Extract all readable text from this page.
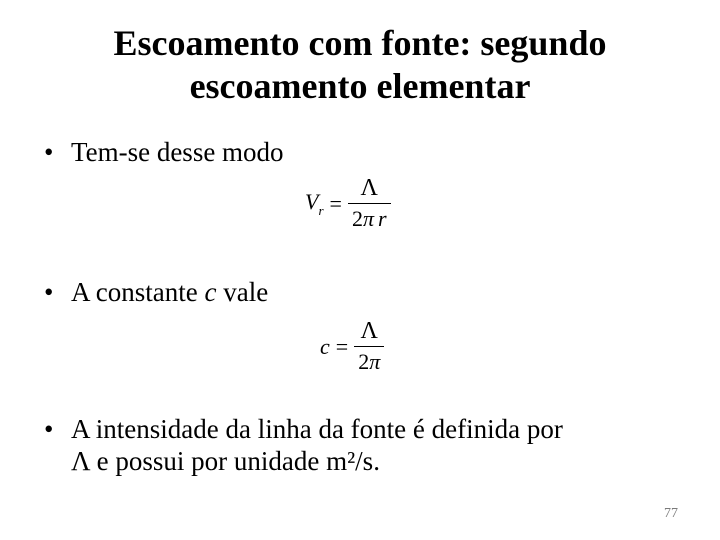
Escoamento com fonte: segundo
escoamento elementar
• Tem-se desse modo
$V_r = \frac{\Lambda}{\text{2π r}}$
• A constante c vale
$c = \frac{\Lambda}{2\pi}$
• A intensidade da linha da fonte é definida por
Λ e possui por unidade m²/s.
77
